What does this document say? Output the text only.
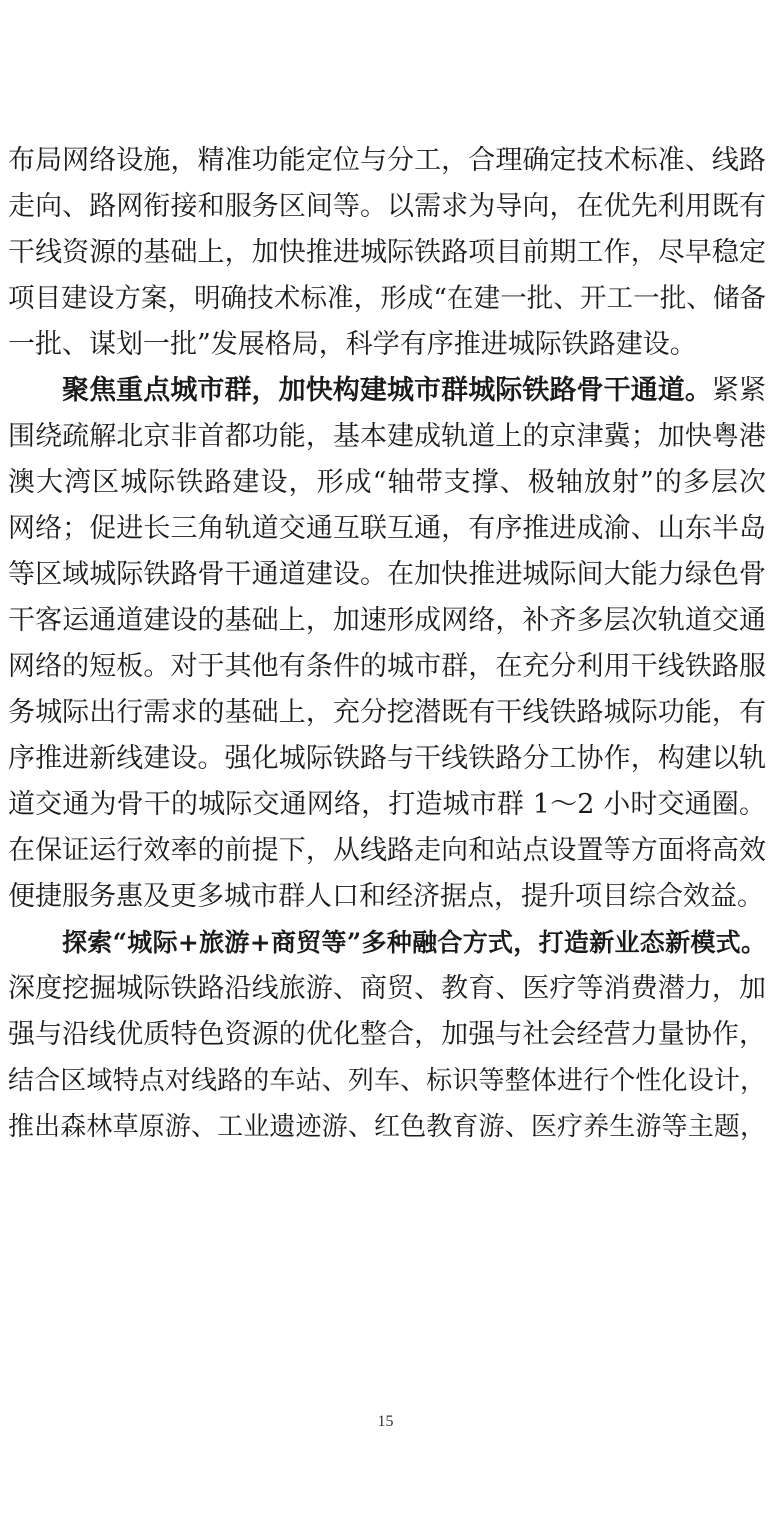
布局网络设施，精准功能定位与分工，合理确定技术标准、线路
走向、路网衔接和服务区间等。以需求为导向，在优先利用既有
干线资源的基础上，加快推进城际铁路项目前期工作，尽早稳定
项目建设方案，明确技术标准，形成“在建一批、开工一批、储备
一批、谋划一批”发展格局，科学有序推进城际铁路建设。
聚焦重点城市群，加快构建城市群城际铁路骨干通道。紧紧
围绕疏解北京非首都功能，基本建成轨道上的京津冀；加快粤港
澳大湾区城际铁路建设，形成“轴带支撑、极轴放射”的多层次
网络；促进长三角轨道交通互联互通，有序推进成渝、山东半岛
等区域城际铁路骨干通道建设。在加快推进城际间大能力绿色骨
干客运通道建设的基础上，加速形成网络，补齐多层次轨道交通
网络的短板。对于其他有条件的城市群，在充分利用干线铁路服
务城际出行需求的基础上，充分挖潜既有干线铁路城际功能，有
序推进新线建设。强化城际铁路与干线铁路分工协作，构建以轨
道交通为骨干的城际交通网络，打造城市群 1～2 小时交通圈。
在保证运行效率的前提下，从线路走向和站点设置等方面将高效
便捷服务惠及更多城市群人口和经济据点，提升项目综合效益。
探索“城际+旅游+商贸等”多种融合方式，打造新业态新模式。
深度挖掘城际铁路沿线旅游、商贸、教育、医疗等消费潜力，加
强与沿线优质特色资源的优化整合，加强与社会经营力量协作，
结合区域特点对线路的车站、列车、标识等整体进行个性化设计，
推出森林草原游、工业遗迹游、红色教育游、医疗养生游等主题，
15
